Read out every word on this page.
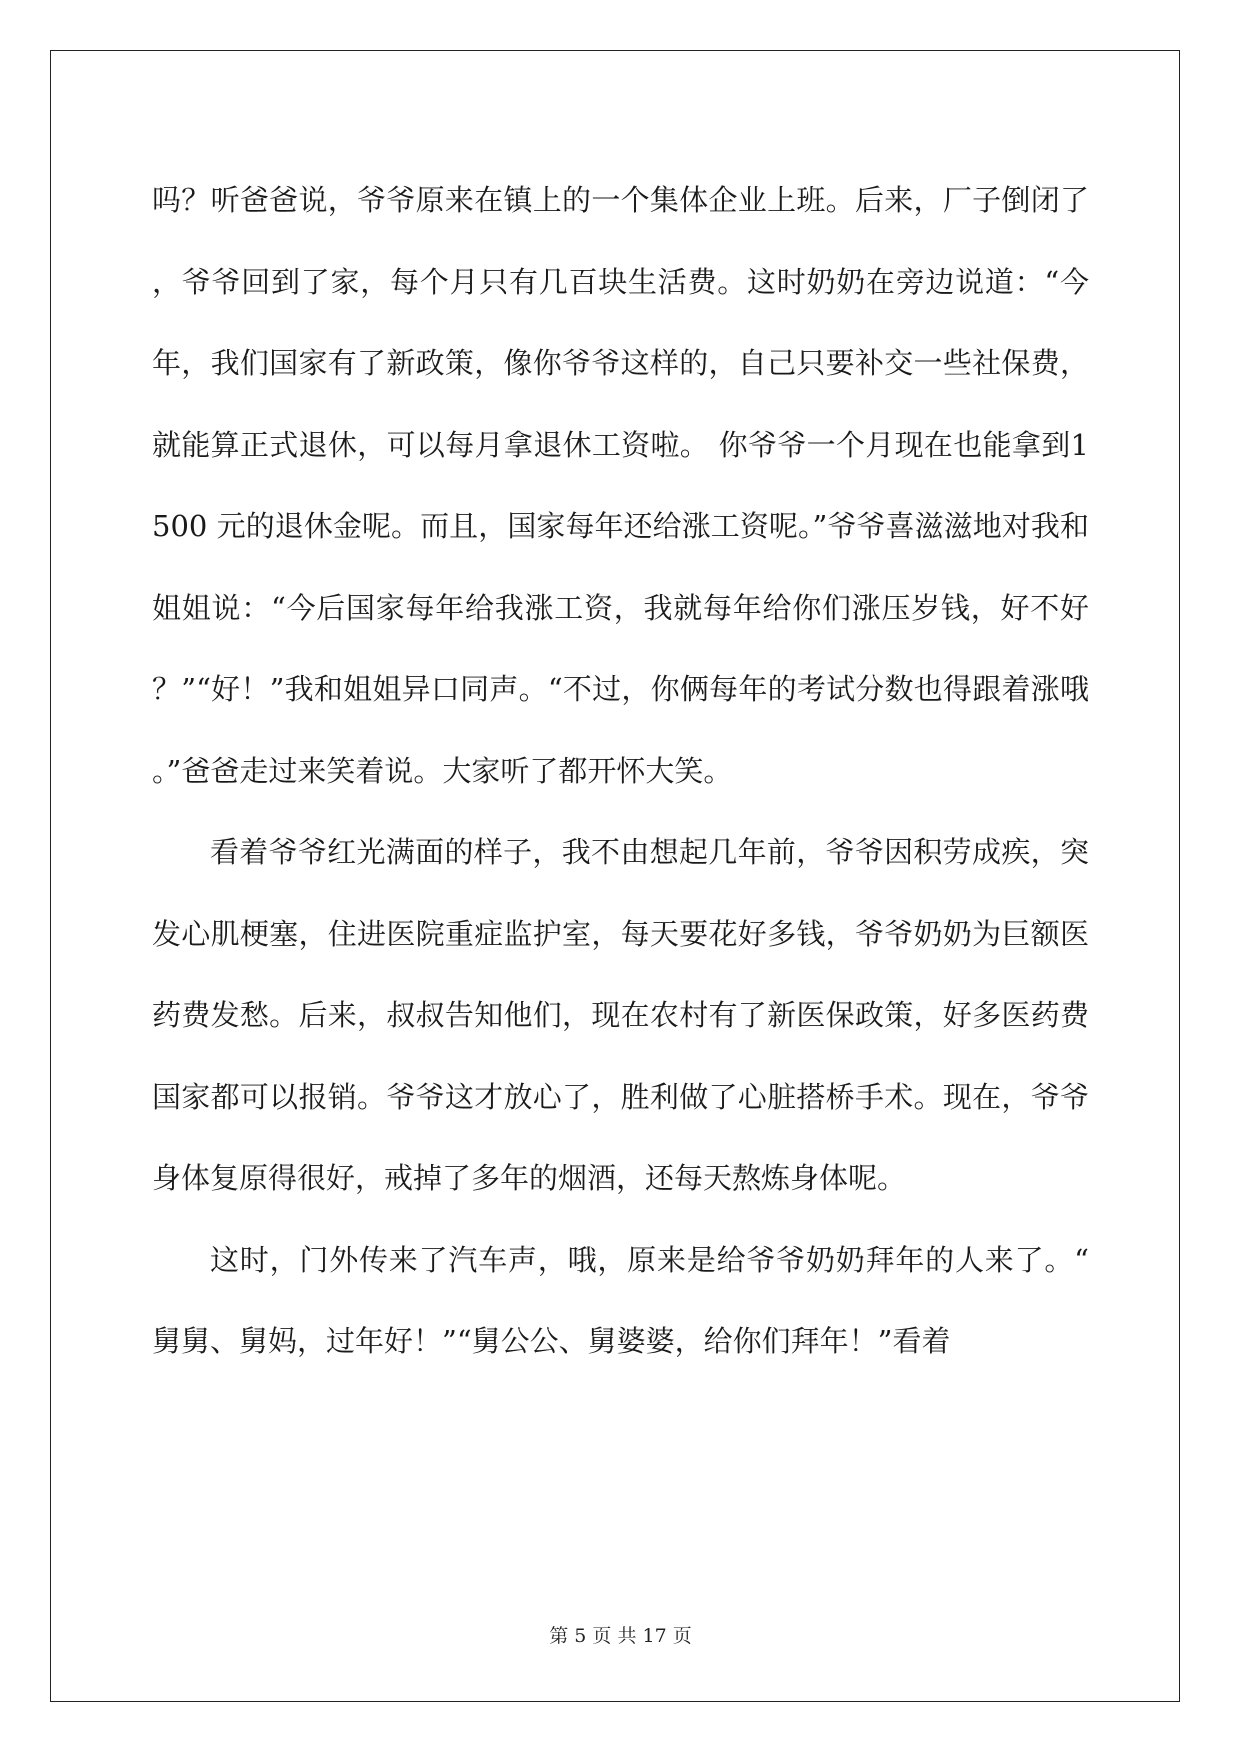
吗？听爸爸说，爷爷原来在镇上的一个集体企业上班。后来，厂子倒闭了，爷爷回到了家，每个月只有几百块生活费。这时奶奶在旁边说道：“今年，我们国家有了新政策，像你爷爷这样的，自己只要补交一些社保费，就能算正式退休，可以每月拿退休工资啦。 你爷爷一个月现在也能拿到1500 元的退休金呢。而且，国家每年还给涨工资呢。”爷爷喜滋滋地对我和姐姐说：“今后国家每年给我涨工资，我就每年给你们涨压岁钱，好不好？”“好！”我和姐姐异口同声。“不过，你俩每年的考试分数也得跟着涨哦。”爸爸走过来笑着说。大家听了都开怀大笑。

看着爷爷红光满面的样子，我不由想起几年前，爷爷因积劳成疾，突发心肌梗塞，住进医院重症监护室，每天要花好多钱，爷爷奶奶为巨额医药费发愁。后来，叔叔告知他们，现在农村有了新医保政策，好多医药费国家都可以报销。爷爷这才放心了，胜利做了心脏搭桥手术。现在，爷爷身体复原得很好，戒掉了多年的烟酒，还每天熬炼身体呢。

这时，门外传来了汽车声，哦，原来是给爷爷奶奶拜年的人来了。“舅舅、舅妈，过年好！”“舅公公、舅婆婆，给你们拜年！”看着

第 5 页 共 17 页
